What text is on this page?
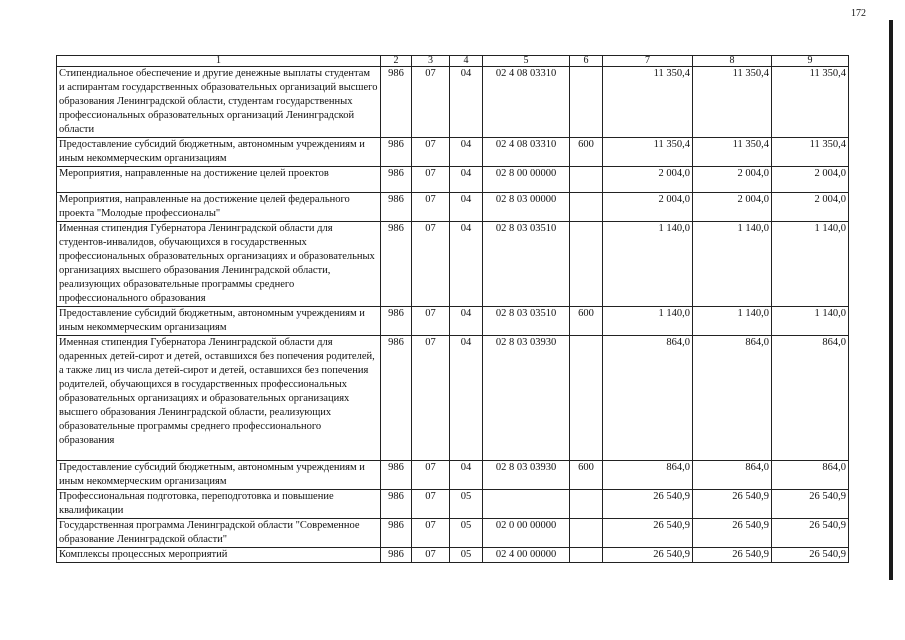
172
1	2	3	4	5	6	7	8	9
Стипендиальное обеспечение и другие денежные выплаты студентам и аспирантам государственных образовательных организаций высшего образования Ленинградской области, студентам государственных профессиональных образовательных организаций Ленинградской области	986	07	04	02 4 08 03310		11 350,4	11 350,4	11 350,4
Предоставление субсидий бюджетным, автономным учреждениям и иным некоммерческим организациям	986	07	04	02 4 08 03310	600	11 350,4	11 350,4	11 350,4
Мероприятия, направленные на достижение целей проектов	986	07	04	02 8 00 00000		2 004,0	2 004,0	2 004,0
Мероприятия, направленные на достижение целей федерального проекта "Молодые профессионалы"	986	07	04	02 8 03 00000		2 004,0	2 004,0	2 004,0
Именная стипендия Губернатора Ленинградской области для студентов-инвалидов, обучающихся в государственных профессиональных образовательных организациях и образовательных организациях высшего образования Ленинградской области, реализующих образовательные программы среднего профессионального образования	986	07	04	02 8 03 03510		1 140,0	1 140,0	1 140,0
Предоставление субсидий бюджетным, автономным учреждениям и иным некоммерческим организациям	986	07	04	02 8 03 03510	600	1 140,0	1 140,0	1 140,0
Именная стипендия Губернатора Ленинградской области для одаренных детей-сирот и детей, оставшихся без попечения родителей, а также лиц из числа детей-сирот и детей, оставшихся без попечения родителей, обучающихся в государственных профессиональных образовательных организациях и образовательных организациях высшего образования Ленинградской области, реализующих образовательные программы среднего профессионального образования	986	07	04	02 8 03 03930		864,0	864,0	864,0
Предоставление субсидий бюджетным, автономным учреждениям и иным некоммерческим организациям	986	07	04	02 8 03 03930	600	864,0	864,0	864,0
Профессиональная подготовка, переподготовка и повышение квалификации	986	07	05			26 540,9	26 540,9	26 540,9
Государственная программа Ленинградской области "Современное образование Ленинградской области"	986	07	05	02 0 00 00000		26 540,9	26 540,9	26 540,9
Комплексы процессных мероприятий	986	07	05	02 4 00 00000		26 540,9	26 540,9	26 540,9
